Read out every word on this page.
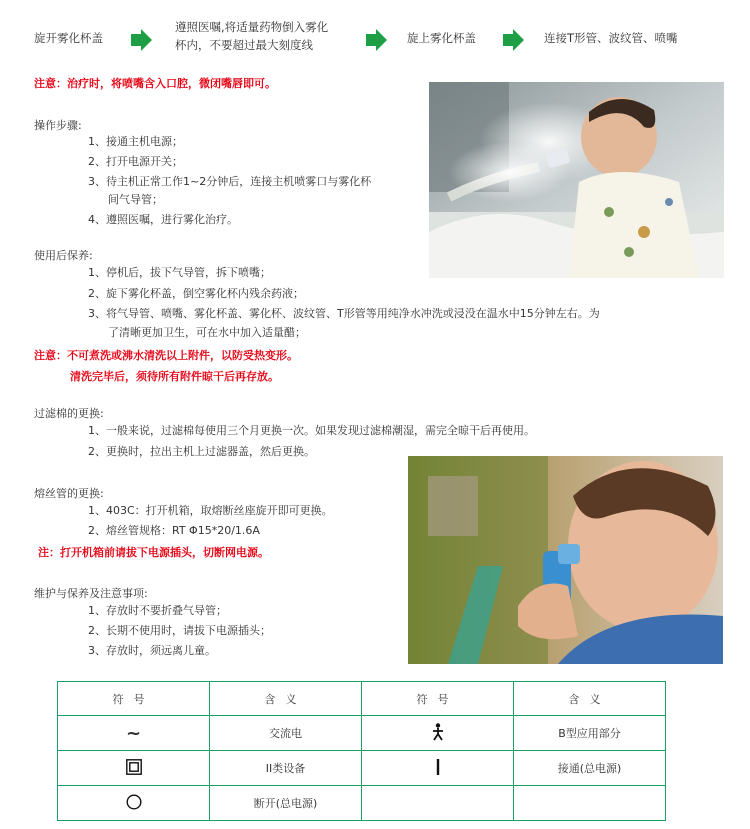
旋开雾化杯盖
遵照医嘱,将适量药物倒入雾化
杯内，不要超过最大刻度线	旋上雾化杯盖	连接T形管、波纹管、喷嘴
注意：治疗时，将喷嘴含入口腔，微闭嘴唇即可。
操作步骤:
1、接通主机电源；
2、打开电源开关；
3、待主机正常工作1~2分钟后，连接主机喷雾口与雾化杯
间气导管；
4、遵照医嘱，进行雾化治疗。
使用后保养:
1、停机后，拔下气导管，拆下喷嘴；
2、旋下雾化杯盖，倒空雾化杯内残余药液；
3、将气导管、喷嘴、雾化杯盖、雾化杯、波纹管、T形管等用纯净水冲洗或浸没在温水中15分钟左右。为
了清晰更加卫生，可在水中加入适量醋；
注意：不可煮洗或沸水清洗以上附件，以防受热变形。
清洗完毕后，须待所有附件晾干后再存放。
过滤棉的更换:
1、一般来说，过滤棉每使用三个月更换一次。如果发现过滤棉潮湿，需完全晾干后再使用。
2、更换时，拉出主机上过滤器盖，然后更换。
熔丝管的更换:
1、403C：打开机箱，取熔断丝座旋开即可更换。
2、熔丝管规格：RT Φ15*20/1.6A
注：打开机箱前请拔下电源插头，切断网电源。
维护与保养及注意事项:
1、存放时不要折叠气导管；
2、长期不使用时，请拔下电源插头；
3、存放时，须远离儿童。
符号	含义	符号	含义
~	交流电		B型应用部分
	II类设备		接通(总电源)
	断开(总电源)		
